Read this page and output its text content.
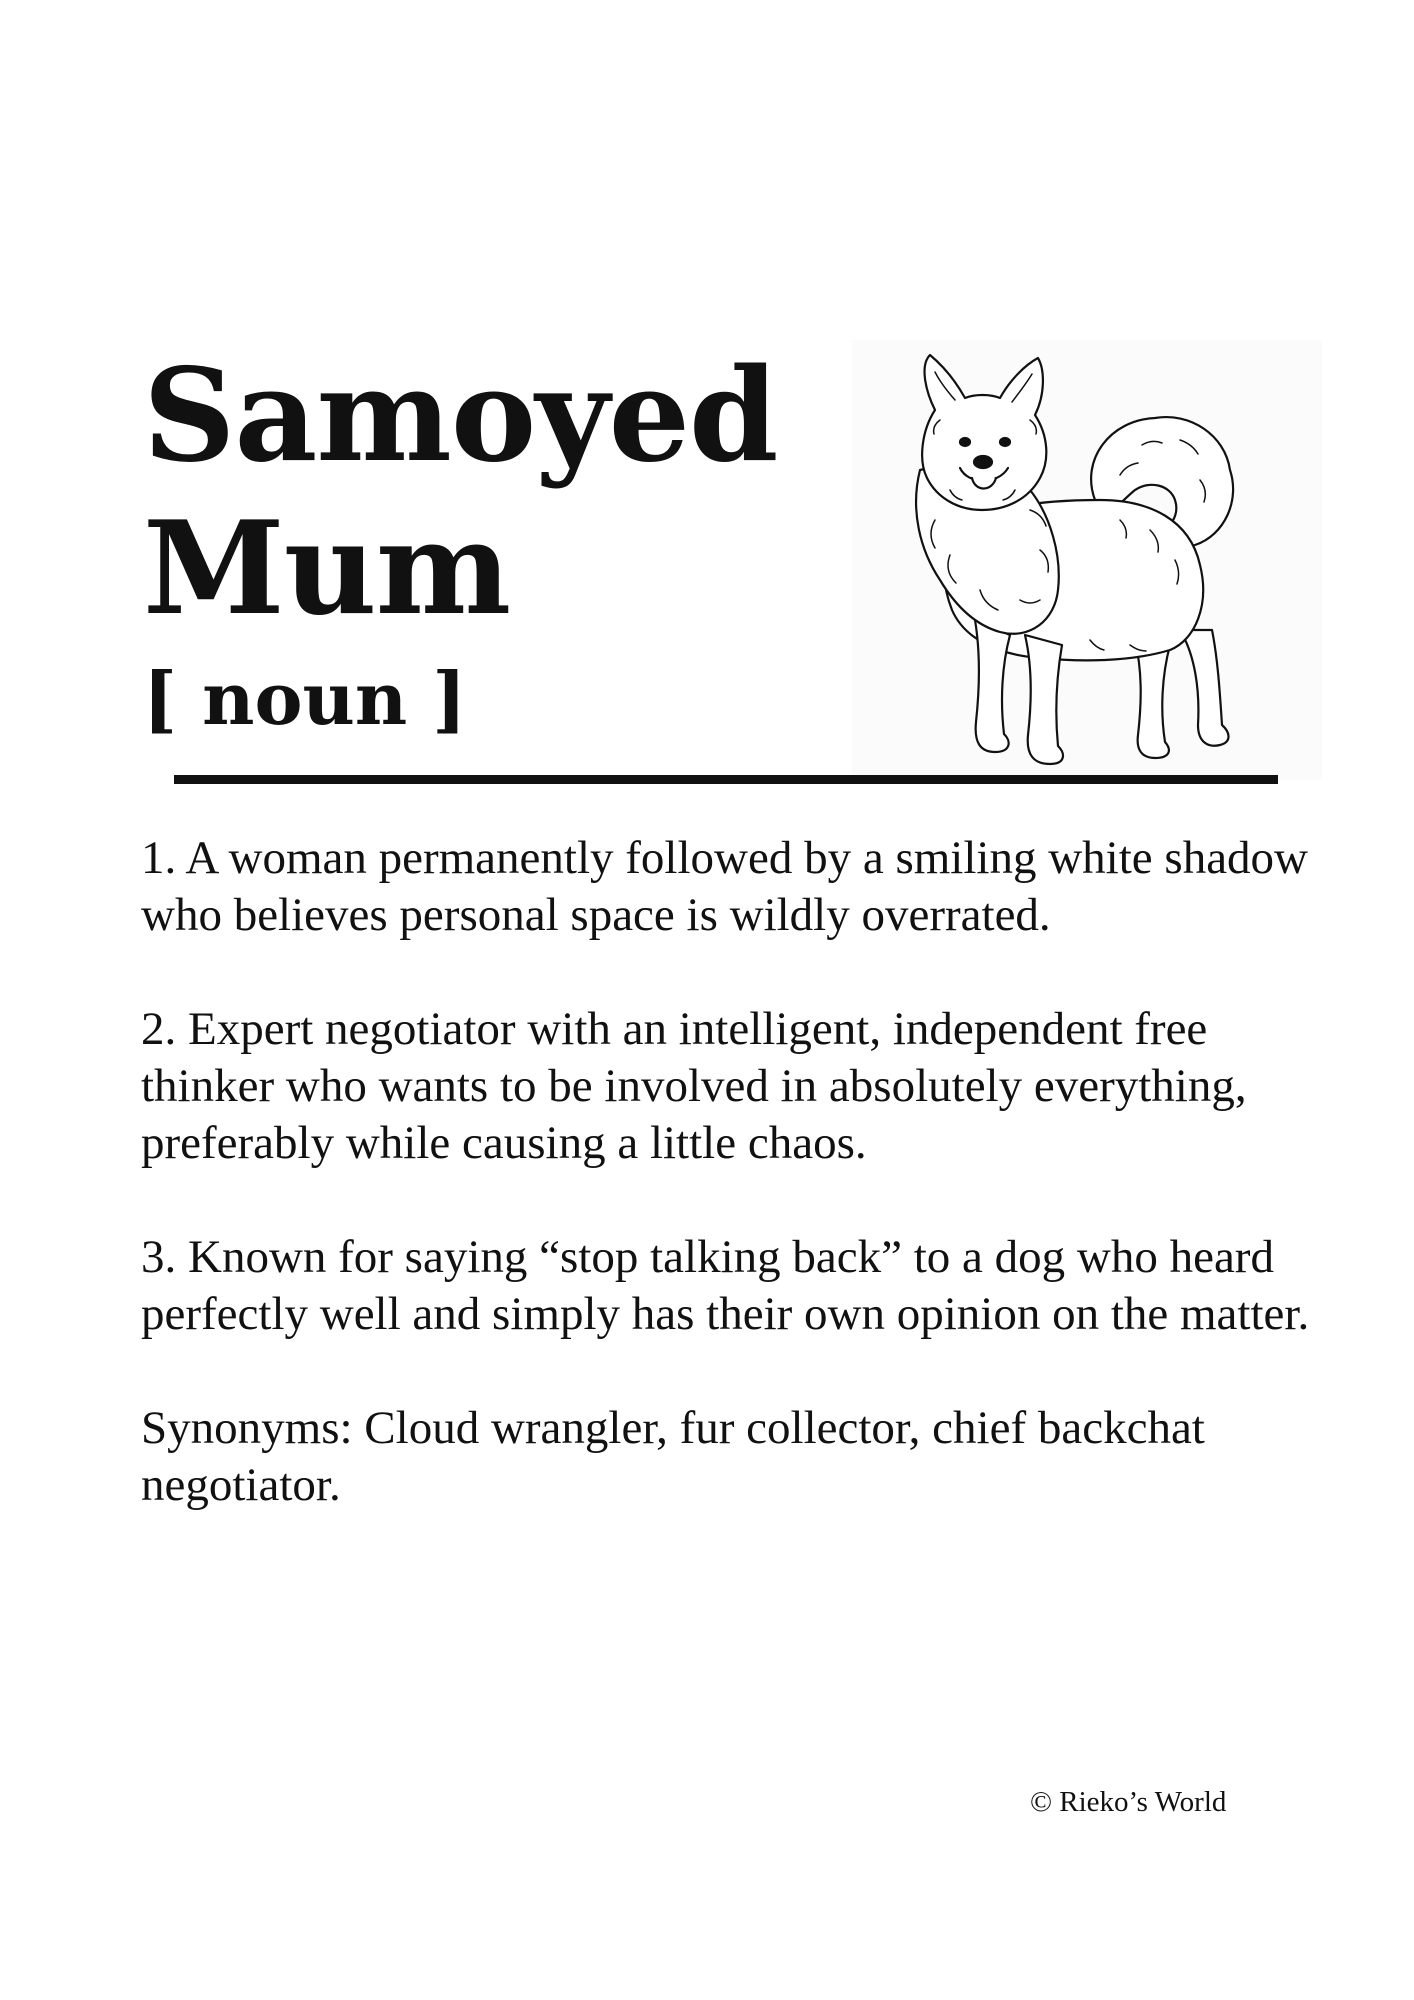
Samoyed
Mum
[ noun ]

1. A woman permanently followed by a smiling white shadow who believes personal space is wildly overrated.

2. Expert negotiator with an intelligent, independent free thinker who wants to be involved in absolutely everything, preferably while causing a little chaos.

3. Known for saying “stop talking back” to a dog who heard perfectly well and simply has their own opinion on the matter.

Synonyms: Cloud wrangler, fur collector, chief backchat negotiator.

© Rieko’s World
